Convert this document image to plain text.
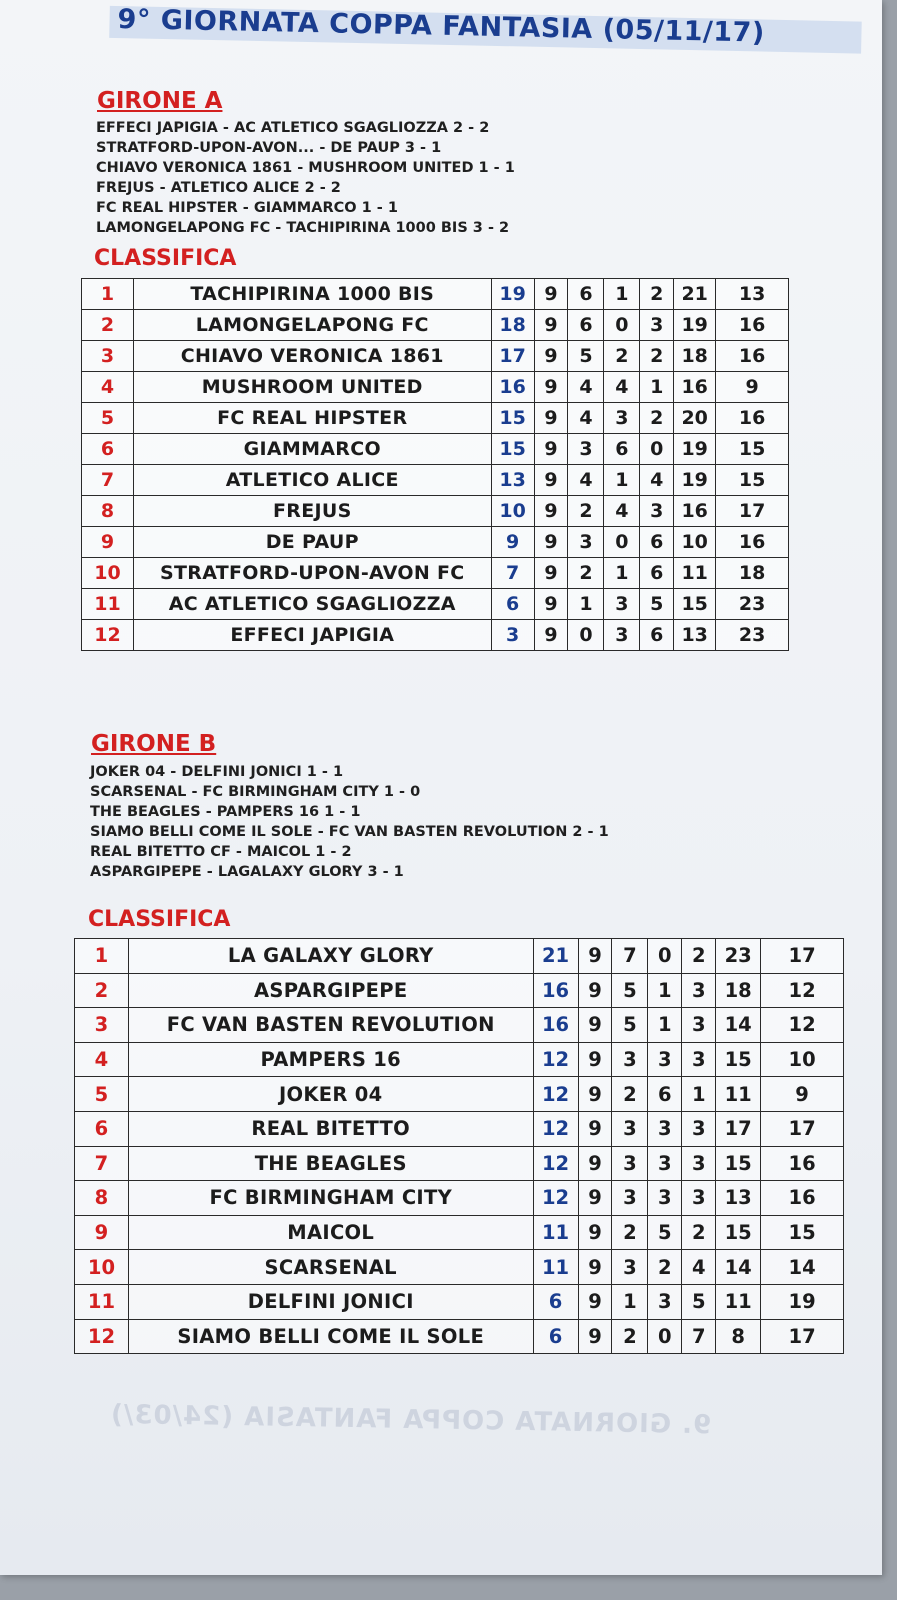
9° GIORNATA COPPA FANTASIA (05/11/17)
GIRONE A
EFFECI JAPIGIA - AC ATLETICO SGAGLIOZZA 2 - 2
STRATFORD-UPON-AVON... - DE PAUP 3 - 1
CHIAVO VERONICA 1861 - MUSHROOM UNITED 1 - 1
FREJUS - ATLETICO ALICE 2 - 2
FC REAL HIPSTER - GIAMMARCO 1 - 1
LAMONGELAPONG FC - TACHIPIRINA 1000 BIS 3 - 2
CLASSIFICA
1	TACHIPIRINA 1000 BIS	19	9	6	1	2	21	13
2	LAMONGELAPONG FC	18	9	6	0	3	19	16
3	CHIAVO VERONICA 1861	17	9	5	2	2	18	16
4	MUSHROOM UNITED	16	9	4	4	1	16	9
5	FC REAL HIPSTER	15	9	4	3	2	20	16
6	GIAMMARCO	15	9	3	6	0	19	15
7	ATLETICO ALICE	13	9	4	1	4	19	15
8	FREJUS	10	9	2	4	3	16	17
9	DE PAUP	9	9	3	0	6	10	16
10	STRATFORD-UPON-AVON FC	7	9	2	1	6	11	18
11	AC ATLETICO SGAGLIOZZA	6	9	1	3	5	15	23
12	EFFECI JAPIGIA	3	9	0	3	6	13	23
GIRONE B
JOKER 04 - DELFINI JONICI 1 - 1
SCARSENAL - FC BIRMINGHAM CITY 1 - 0
THE BEAGLES - PAMPERS 16 1 - 1
SIAMO BELLI COME IL SOLE - FC VAN BASTEN REVOLUTION 2 - 1
REAL BITETTO CF - MAICOL 1 - 2
ASPARGIPEPE - LAGALAXY GLORY 3 - 1
CLASSIFICA
1	LA GALAXY GLORY	21	9	7	0	2	23	17
2	ASPARGIPEPE	16	9	5	1	3	18	12
3	FC VAN BASTEN REVOLUTION	16	9	5	1	3	14	12
4	PAMPERS 16	12	9	3	3	3	15	10
5	JOKER 04	12	9	2	6	1	11	9
6	REAL BITETTO	12	9	3	3	3	17	17
7	THE BEAGLES	12	9	3	3	3	15	16
8	FC BIRMINGHAM CITY	12	9	3	3	3	13	16
9	MAICOL	11	9	2	5	2	15	15
10	SCARSENAL	11	9	3	2	4	14	14
11	DELFINI JONICI	6	9	1	3	5	11	19
12	SIAMO BELLI COME IL SOLE	6	9	2	0	7	8	17
9. GIORNATA COPPA FANTASIA (24/03/)
